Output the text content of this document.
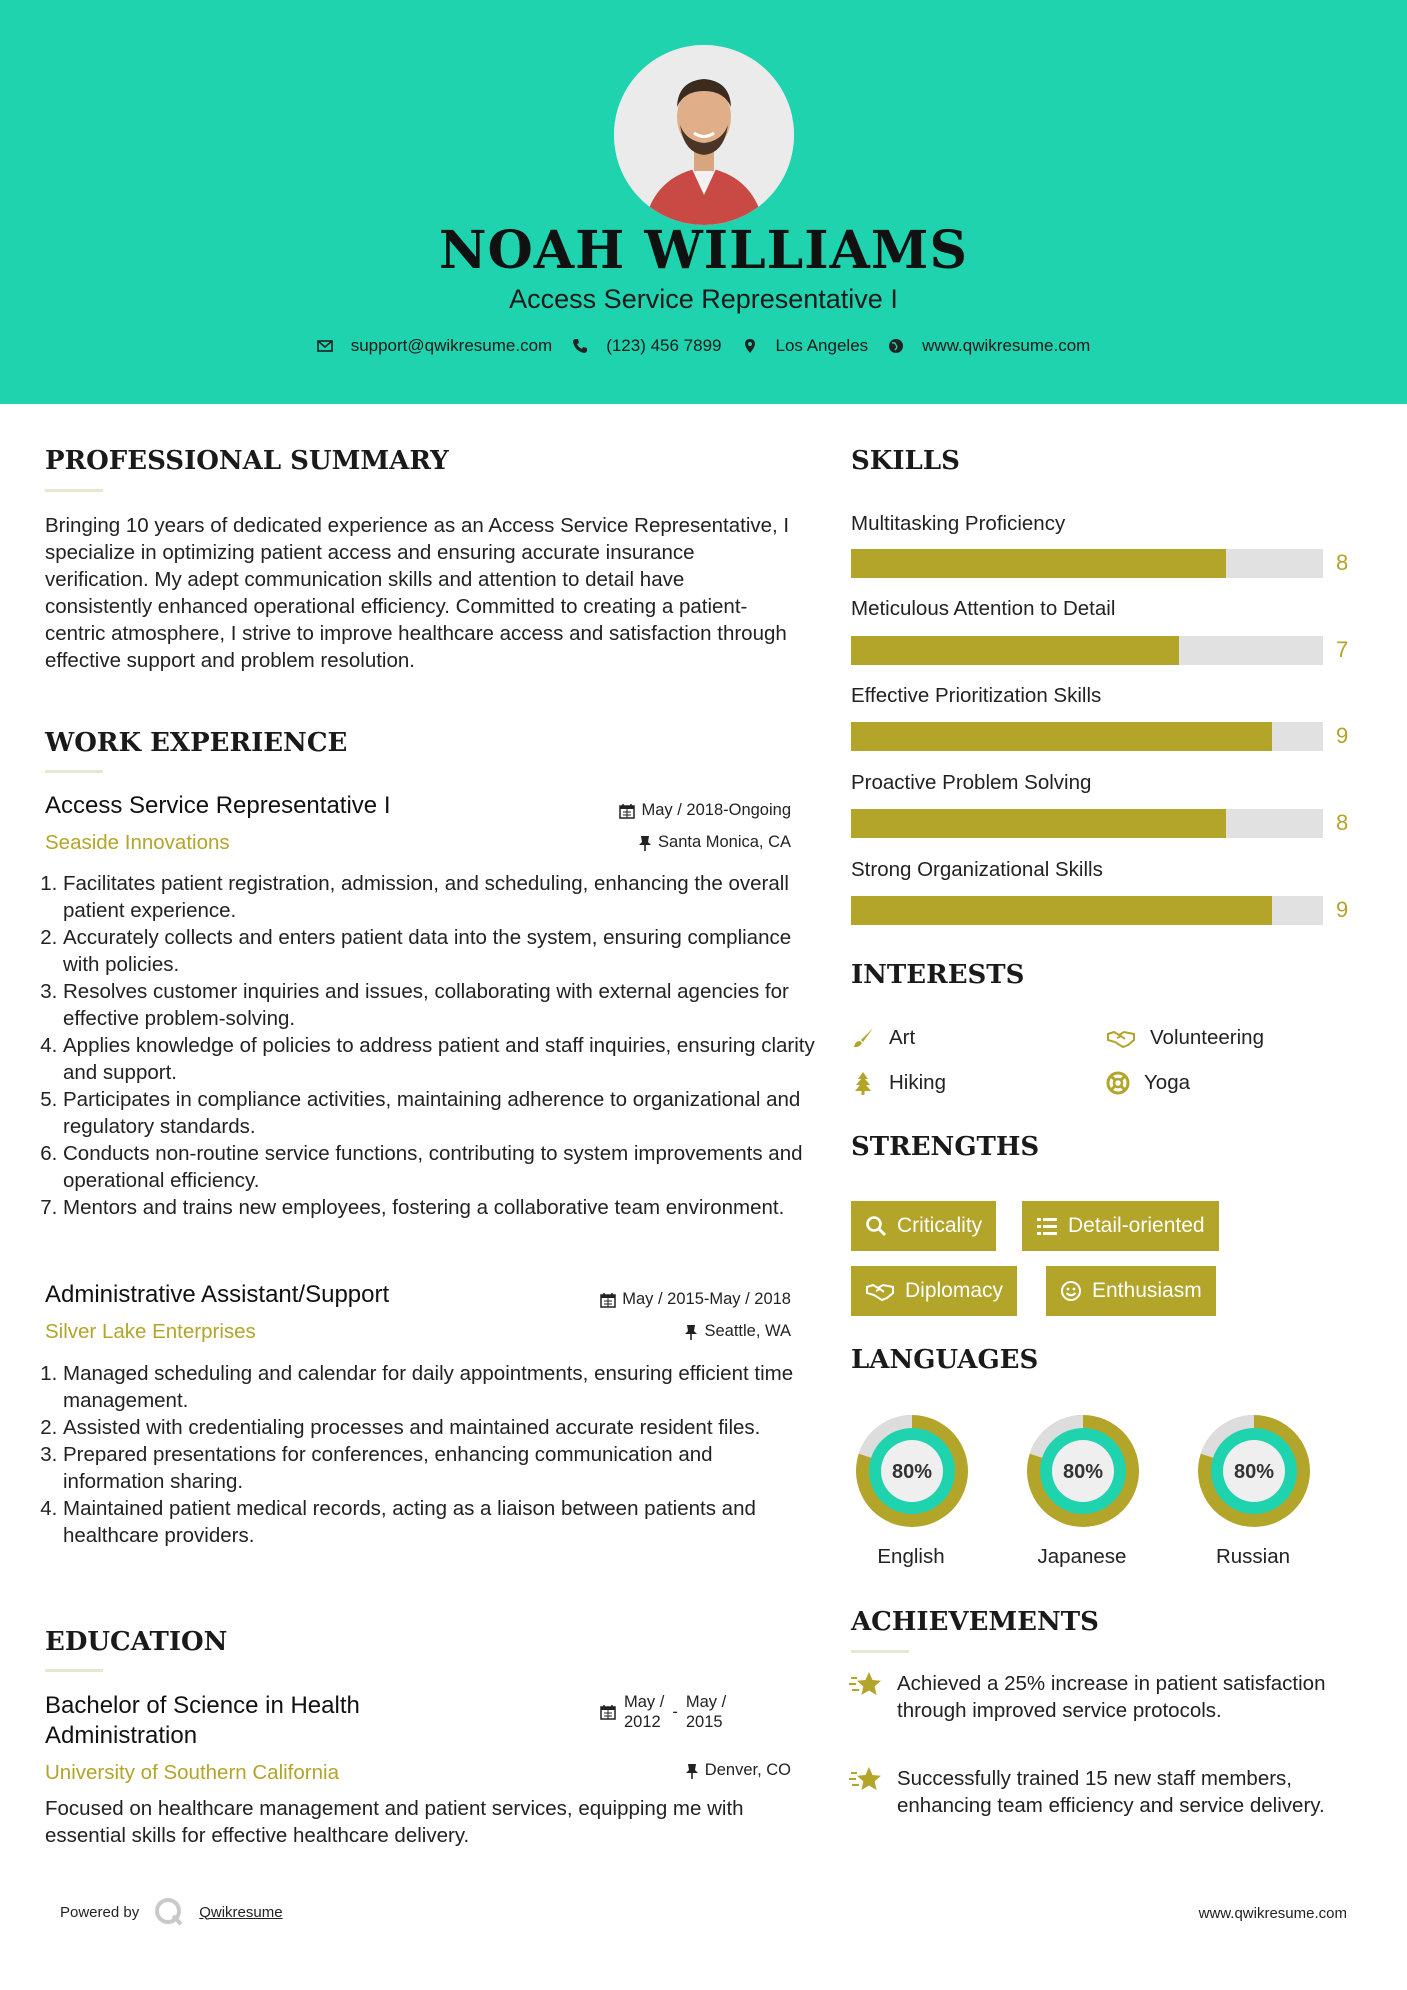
NOAH WILLIAMS
Access Service Representative I
support@qwikresume.com	(123) 456 7899	Los Angeles	www.qwikresume.com
PROFESSIONAL SUMMARY
Bringing 10 years of dedicated experience as an Access Service Representative, I specialize in optimizing patient access and ensuring accurate insurance verification. My adept communication skills and attention to detail have consistently enhanced operational efficiency. Committed to creating a patient-centric atmosphere, I strive to improve healthcare access and satisfaction through effective support and problem resolution.
WORK EXPERIENCE
Access Service Representative I
Seaside Innovations
May / 2018-Ongoing
Santa Monica, CA
1. Facilitates patient registration, admission, and scheduling, enhancing the overall patient experience.
2. Accurately collects and enters patient data into the system, ensuring compliance with policies.
3. Resolves customer inquiries and issues, collaborating with external agencies for effective problem-solving.
4. Applies knowledge of policies to address patient and staff inquiries, ensuring clarity and support.
5. Participates in compliance activities, maintaining adherence to organizational and regulatory standards.
6. Conducts non-routine service functions, contributing to system improvements and operational efficiency.
7. Mentors and trains new employees, fostering a collaborative team environment.
Administrative Assistant/Support
Silver Lake Enterprises
May / 2015-May / 2018
Seattle, WA
1. Managed scheduling and calendar for daily appointments, ensuring efficient time management.
2. Assisted with credentialing processes and maintained accurate resident files.
3. Prepared presentations for conferences, enhancing communication and information sharing.
4. Maintained patient medical records, acting as a liaison between patients and healthcare providers.
EDUCATION
Bachelor of Science in Health
Administration
University of Southern California
May /
2012
-
May /
2015
Denver, CO
Focused on healthcare management and patient services, equipping me with essential skills for effective healthcare delivery.
SKILLS
Multitasking Proficiency
8
Meticulous Attention to Detail
7
Effective Prioritization Skills
9
Proactive Problem Solving
8
Strong Organizational Skills
9
INTERESTS
Art	Volunteering
Hiking	Yoga
STRENGTHS
Criticality	Detail-oriented
Diplomacy	Enthusiasm
LANGUAGES
80%	80%	80%
English	Japanese	Russian
ACHIEVEMENTS
Achieved a 25% increase in patient satisfaction through improved service protocols.
Successfully trained 15 new staff members, enhancing team efficiency and service delivery.
Powered by	Qwikresume	www.qwikresume.com
